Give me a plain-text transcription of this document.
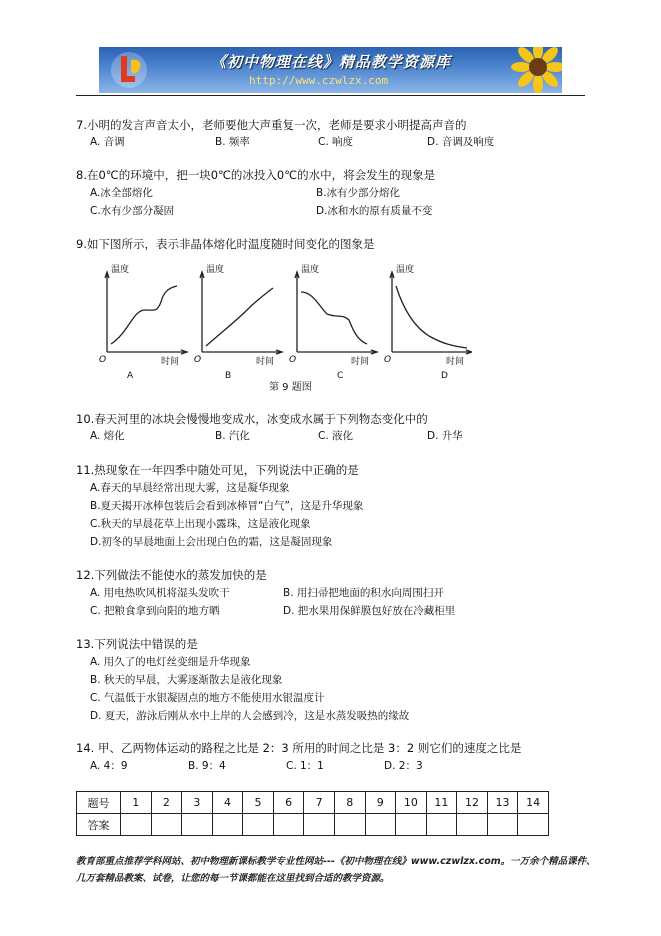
《初中物理在线》精品教学资源库
http://www.czwlzx.com
7.小明的发言声音太小，老师要他大声重复一次，老师是要求小明提高声音的
A. 音调	B. 频率	C. 响度	D. 音调及响度
8.在0℃的环境中，把一块0℃的冰投入0℃的水中，将会发生的现象是
A.冰全部熔化	B.冰有少部分熔化
C.水有少部分凝固	D.冰和水的原有质量不变
9.如下图所示，表示非晶体熔化时温度随时间变化的图象是
温度
时间
O
A
温度
时间
O
B
温度
时间
O
C
温度
时间
O
D
第 9 题图
10.春天河里的冰块会慢慢地变成水，冰变成水属于下列物态变化中的
A. 熔化	B. 汽化	C. 液化	D. 升华
11.热现象在一年四季中随处可见，下列说法中正确的是
A.春天的早晨经常出现大雾，这是凝华现象
B.夏天揭开冰棒包装后会看到冰棒冒“白气”，这是升华现象
C.秋天的早晨花草上出现小露珠，这是液化现象
D.初冬的早晨地面上会出现白色的霜，这是凝固现象
12.下列做法不能使水的蒸发加快的是
A. 用电热吹风机将湿头发吹干	B. 用扫帚把地面的积水向周围扫开
C. 把粮食拿到向阳的地方晒	D. 把水果用保鲜膜包好放在冷藏柜里
13.下列说法中错误的是
A. 用久了的电灯丝变细是升华现象
B. 秋天的早晨，大雾逐渐散去是液化现象
C. 气温低于水银凝固点的地方不能使用水银温度计
D. 夏天，游泳后刚从水中上岸的人会感到冷，这是水蒸发吸热的缘故
14. 甲、乙两物体运动的路程之比是 2：3 所用的时间之比是 3：2 则它们的速度之比是
A. 4：9	B. 9：4	C. 1：1	D. 2：3
题号	1	2	3	4	5	6	7	8	9	10	11	12	13	14
答案														
教育部重点推荐学科网站、初中物理新课标教学专业性网站---《初中物理在线》www.czwlzx.com。一万余个精品课件、
几万套精品教案、试卷，让您的每一节课都能在这里找到合适的教学资源。
